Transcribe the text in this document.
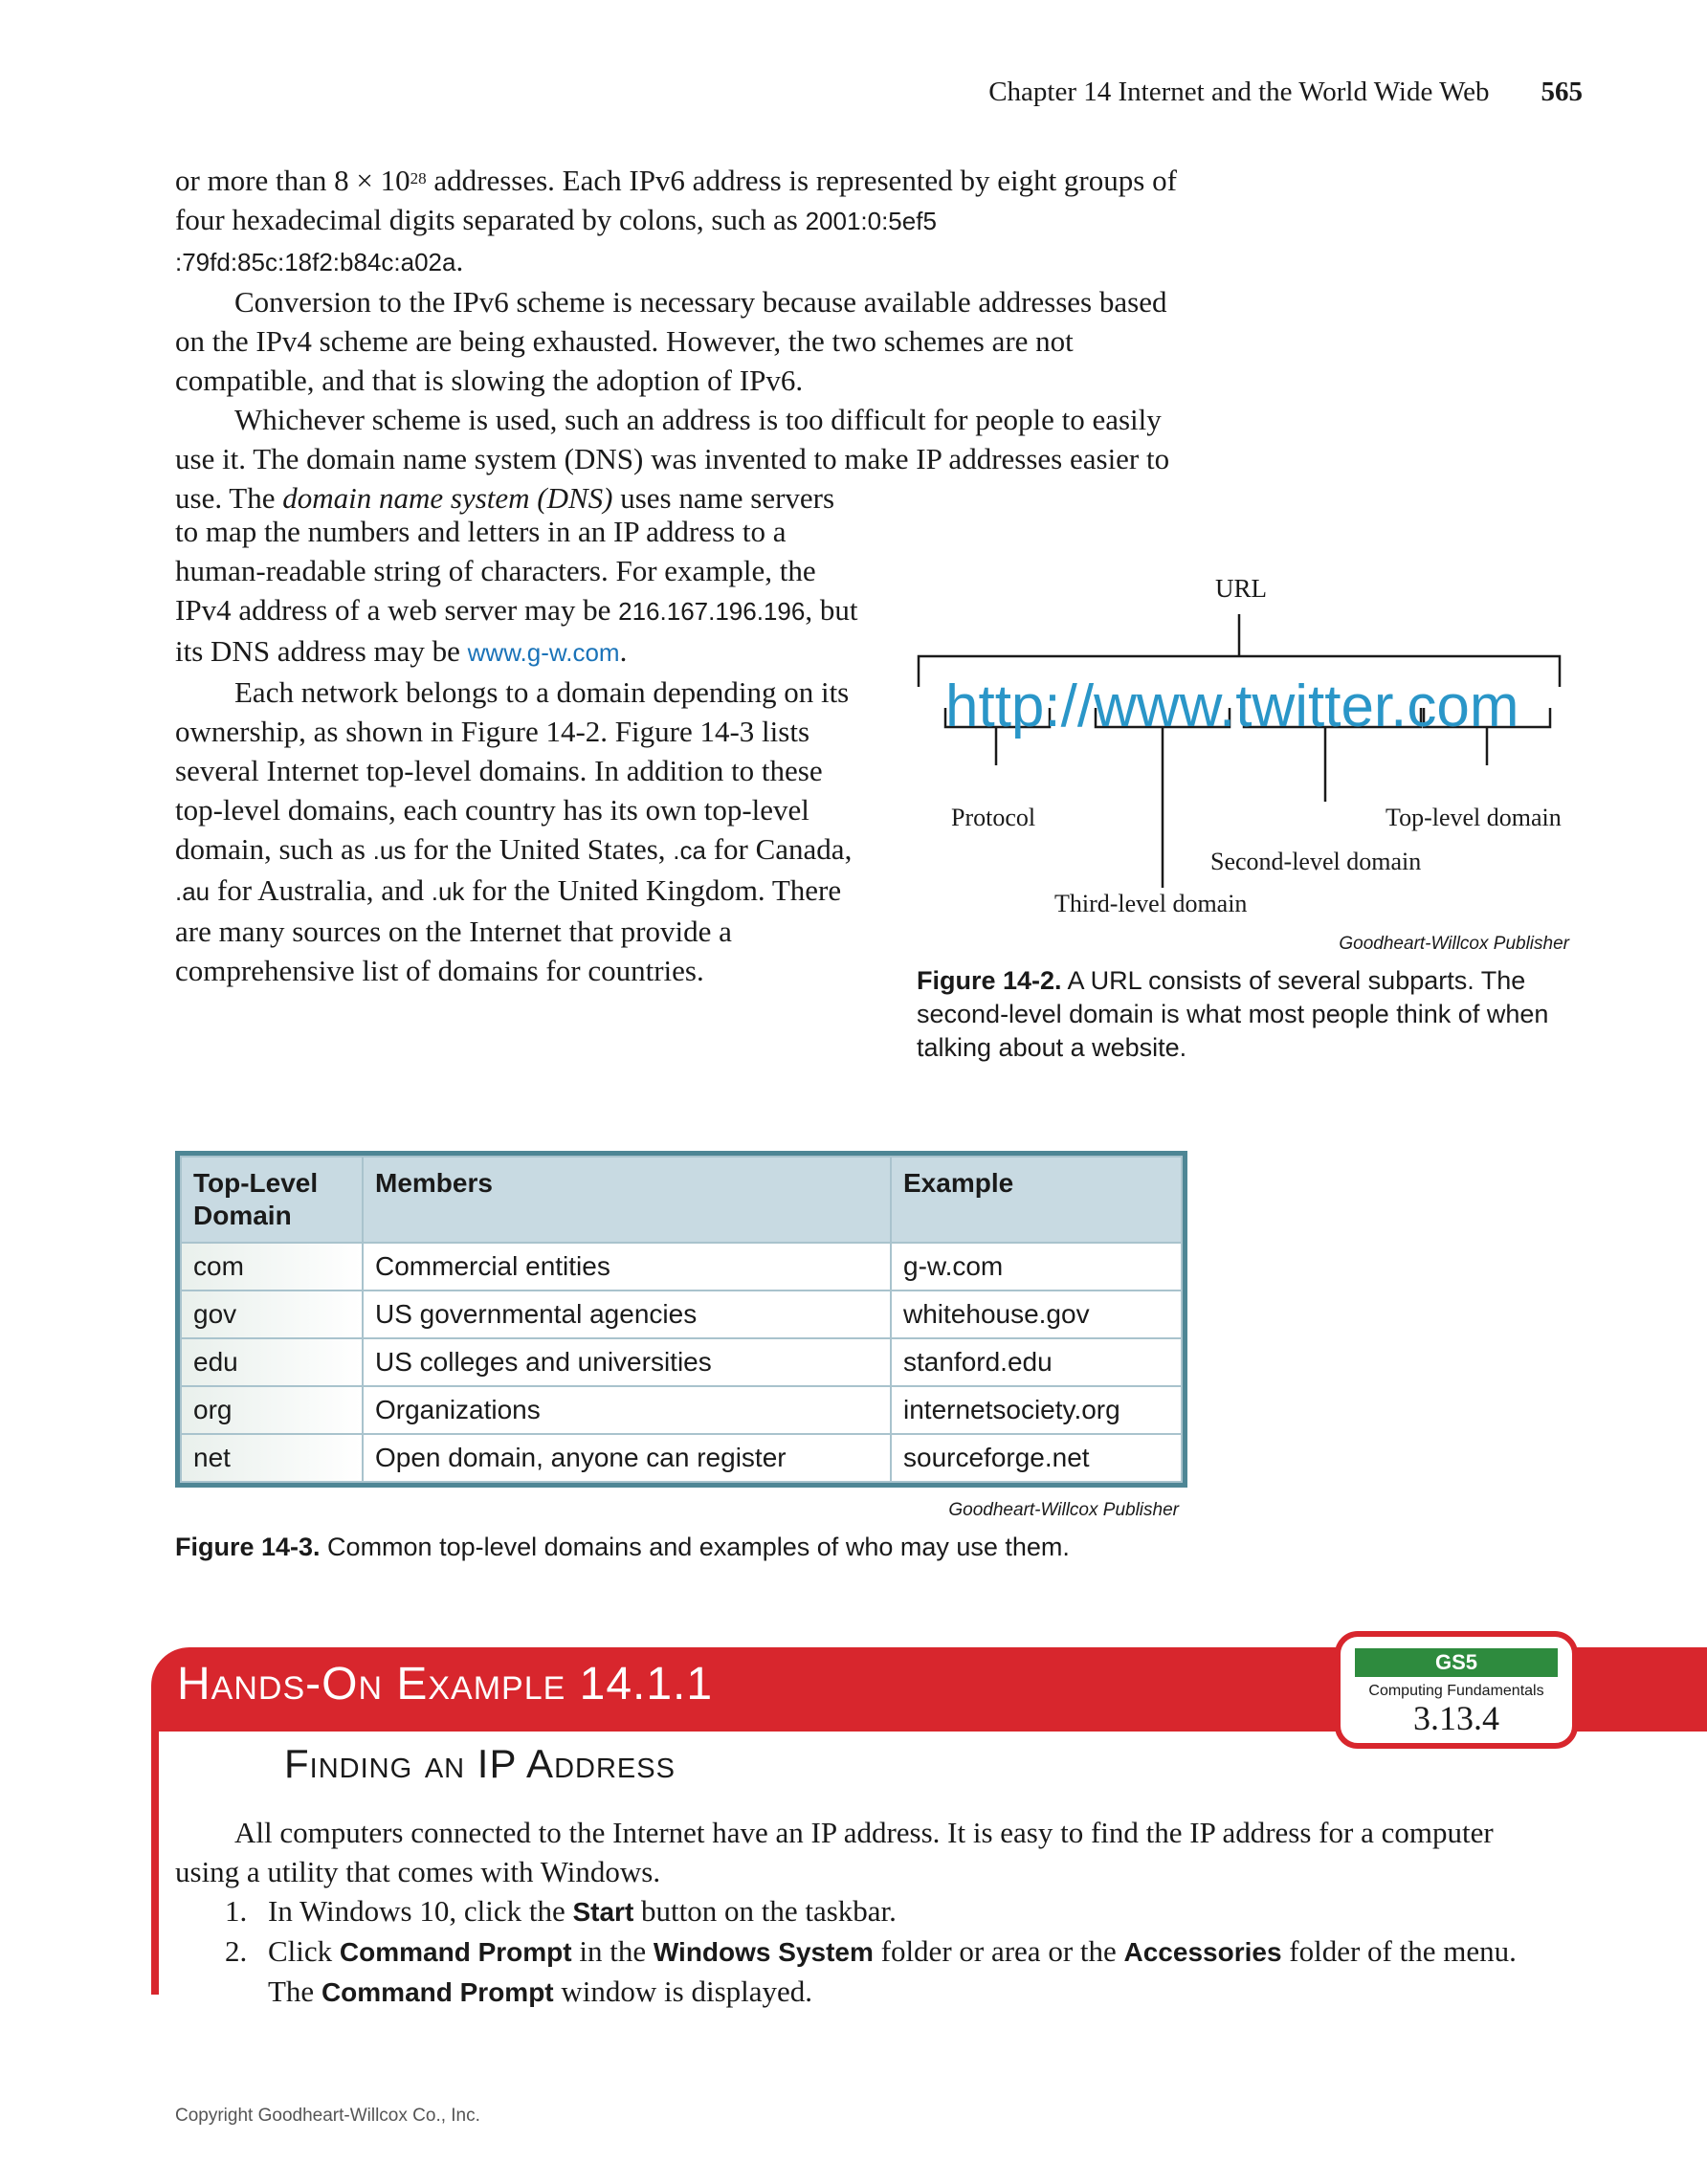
Chapter 14 Internet and the World Wide Web 565

or more than $8 \times 10^{28}$ addresses. Each IPv6 address is represented by eight groups of four hexadecimal digits separated by colons, such as 2001:0:5ef5
:79fd:85c:18f2:b84c:a02a.

Conversion to the IPv6 scheme is necessary because available addresses based on the IPv4 scheme are being exhausted. However, the two schemes are not compatible, and that is slowing the adoption of IPv6.

Whichever scheme is used, such an address is too difficult for people to easily use it. The domain name system (DNS) was invented to make IP addresses easier to use. The domain name system (DNS) uses name servers

to map the numbers and letters in an IP address to a human-readable string of characters. For example, the IPv4 address of a web server may be 216.167.196.196, but its DNS address may be www.g-w.com.

Each network belongs to a domain depending on its ownership, as shown in Figure 14-2. Figure 14-3 lists several Internet top-level domains. In addition to these top-level domains, each country has its own top-level domain, such as .us for the United States, .ca for Canada, .au for Australia, and .uk for the United Kingdom. There are many sources on the Internet that provide a comprehensive list of domains for countries.

URL
http://www.twitter.com
Protocol	Top-level domain
Second-level domain
Third-level domain
Goodheart-Willcox Publisher
Figure 14-2. A URL consists of several subparts. The second-level domain is what most people think of when talking about a website.
Top-Level Domain	Members	Example
com	Commercial entities	g-w.com
gov	US governmental agencies	whitehouse.gov
edu	US colleges and universities	stanford.edu
org	Organizations	internetsociety.org
net	Open domain, anyone can register	sourceforge.net
Goodheart-Willcox Publisher
Figure 14-3. Common top-level domains and examples of who may use them.
Hands-On Example 14.1.1	GS5
Computing Fundamentals
3.13.4
Finding an IP Address

All computers connected to the Internet have an IP address. It is easy to find the IP address for a computer using a utility that comes with Windows.

1. In Windows 10, click the Start button on the taskbar.
2. Click Command Prompt in the Windows System folder or area or the Accessories folder of the menu. The Command Prompt window is displayed.
Copyright Goodheart-Willcox Co., Inc.
